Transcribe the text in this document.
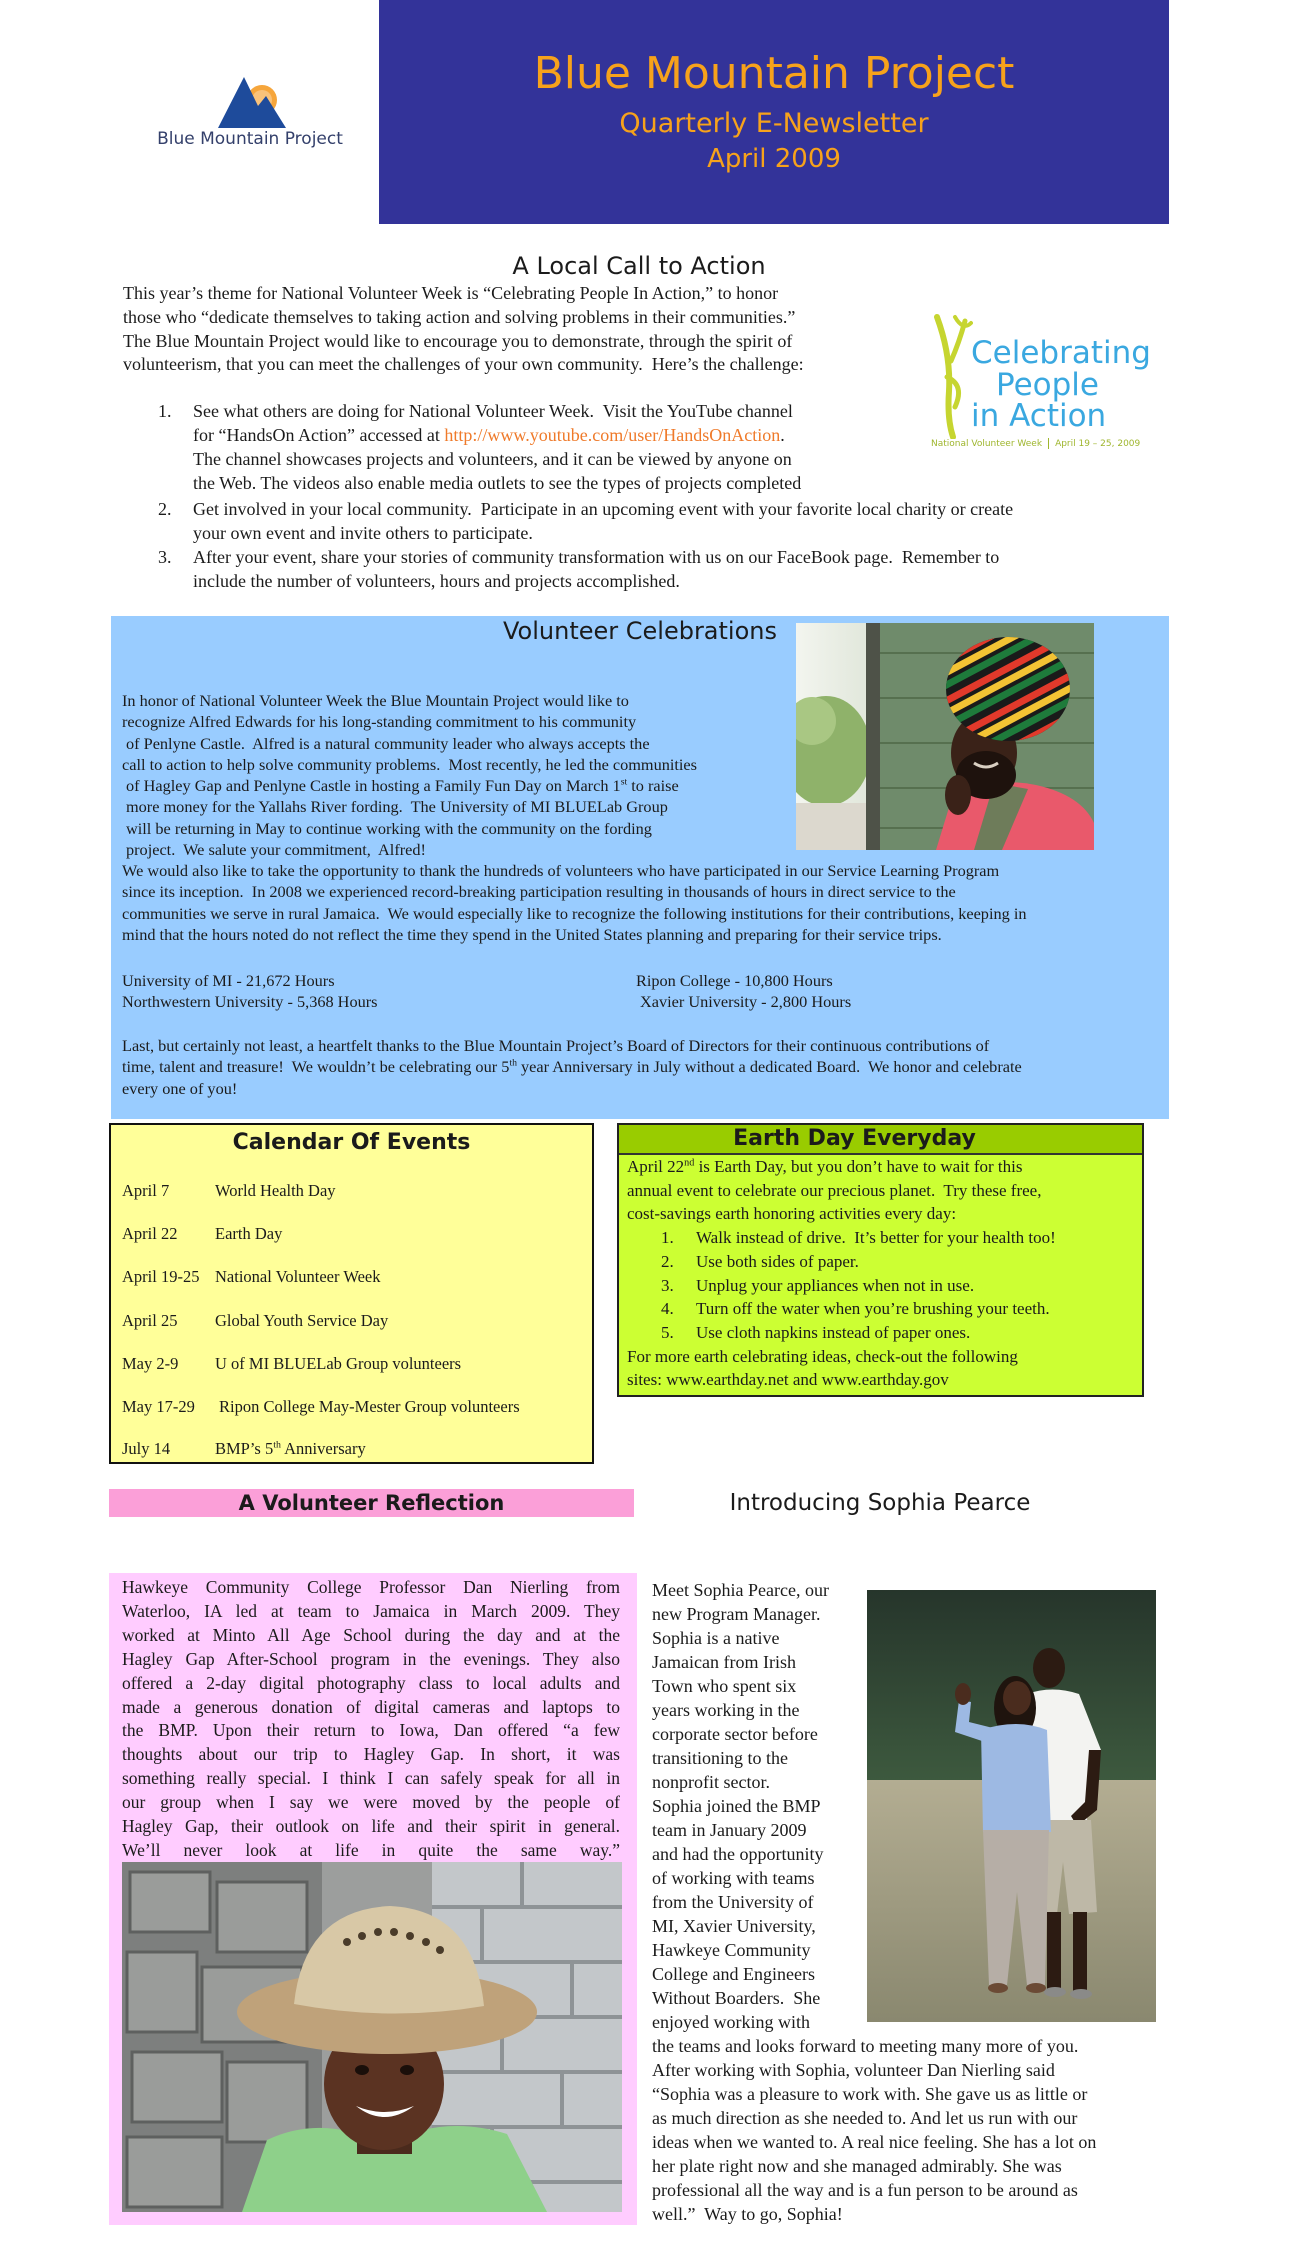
Blue Mountain Project
Blue Mountain Project
Quarterly E-Newsletter
April 2009
A Local Call to Action
This year’s theme for National Volunteer Week is “Celebrating People In Action,” to honor
those who “dedicate themselves to taking action and solving problems in their communities.”
The Blue Mountain Project would like to encourage you to demonstrate, through the spirit of
volunteerism, that you can meet the challenges of your own community.  Here’s the challenge:
1. See what others are doing for National Volunteer Week.  Visit the YouTube channel
for “HandsOn Action” accessed at http://www.youtube.com/user/HandsOnAction.
The channel showcases projects and volunteers, and it can be viewed by anyone on
the Web. The videos also enable media outlets to see the types of projects completed
2. Get involved in your local community.  Participate in an upcoming event with your favorite local charity or create
your own event and invite others to participate.
3. After your event, share your stories of community transformation with us on our FaceBook page.  Remember to
include the number of volunteers, hours and projects accomplished.
Celebrating
People
in Action
National Volunteer Week April 19 – 25, 2009
Volunteer Celebrations
In honor of National Volunteer Week the Blue Mountain Project would like to
recognize Alfred Edwards for his long-standing commitment to his community
of Penlyne Castle.  Alfred is a natural community leader who always accepts the
call to action to help solve community problems.  Most recently, he led the communities
of Hagley Gap and Penlyne Castle in hosting a Family Fun Day on March 1st to raise
more money for the Yallahs River fording.  The University of MI BLUELab Group
will be returning in May to continue working with the community on the fording
project.  We salute your commitment,  Alfred!
We would also like to take the opportunity to thank the hundreds of volunteers who have participated in our Service Learning Program
since its inception.  In 2008 we experienced record-breaking participation resulting in thousands of hours in direct service to the
communities we serve in rural Jamaica.  We would especially like to recognize the following institutions for their contributions, keeping in
mind that the hours noted do not reflect the time they spend in the United States planning and preparing for their service trips.
University of MI - 21,672 Hours
Northwestern University - 5,368 Hours
Ripon College - 10,800 Hours
Xavier University - 2,800 Hours
Last, but certainly not least, a heartfelt thanks to the Blue Mountain Project’s Board of Directors for their continuous contributions of
time, talent and treasure!  We wouldn’t be celebrating our 5th year Anniversary in July without a dedicated Board.  We honor and celebrate
every one of you!
Calendar Of Events
April 7	World Health Day
April 22 Earth Day
April 19-25 National Volunteer Week
April 25 Global Youth Service Day
May 2-9 U of MI BLUELab Group volunteers
May 17-29 Ripon College May-Mester Group volunteers
July 14	BMP’s 5th Anniversary
Earth Day Everyday
April 22nd is Earth Day, but you don’t have to wait for this
annual event to celebrate our precious planet.  Try these free,
cost-savings earth honoring activities every day:
1. Walk instead of drive.  It’s better for your health too!
2. Use both sides of paper.
3. Unplug your appliances when not in use.
4. Turn off the water when you’re brushing your teeth.
5. Use cloth napkins instead of paper ones.
For more earth celebrating ideas, check-out the following
sites: www.earthday.net and www.earthday.gov
A Volunteer Reflection
Hawkeye Community College Professor Dan Nierling from
Waterloo, IA led at team to Jamaica in March 2009. They
worked at Minto All Age School during the day and at the
Hagley Gap After-School program in the evenings. They also
offered a 2-day digital photography class to local adults and
made a generous donation of digital cameras and laptops to
the BMP. Upon their return to Iowa, Dan offered “a few
thoughts about our trip to Hagley Gap. In short, it was
something really special. I think I can safely speak for all in
our group when I say we were moved by the people of
Hagley Gap, their outlook on life and their spirit in general.
We’ll never look at life in quite the same way.”
Introducing Sophia Pearce
Meet Sophia Pearce, our
new Program Manager.
Sophia is a native
Jamaican from Irish
Town who spent six
years working in the
corporate sector before
transitioning to the
nonprofit sector.
Sophia joined the BMP
team in January 2009
and had the opportunity
of working with teams
from the University of
MI, Xavier University,
Hawkeye Community
College and Engineers
Without Boarders.  She
enjoyed working with
the teams and looks forward to meeting many more of you.
After working with Sophia, volunteer Dan Nierling said
“Sophia was a pleasure to work with. She gave us as little or
as much direction as she needed to. And let us run with our
ideas when we wanted to. A real nice feeling. She has a lot on
her plate right now and she managed admirably. She was
professional all the way and is a fun person to be around as
well.”  Way to go, Sophia!
